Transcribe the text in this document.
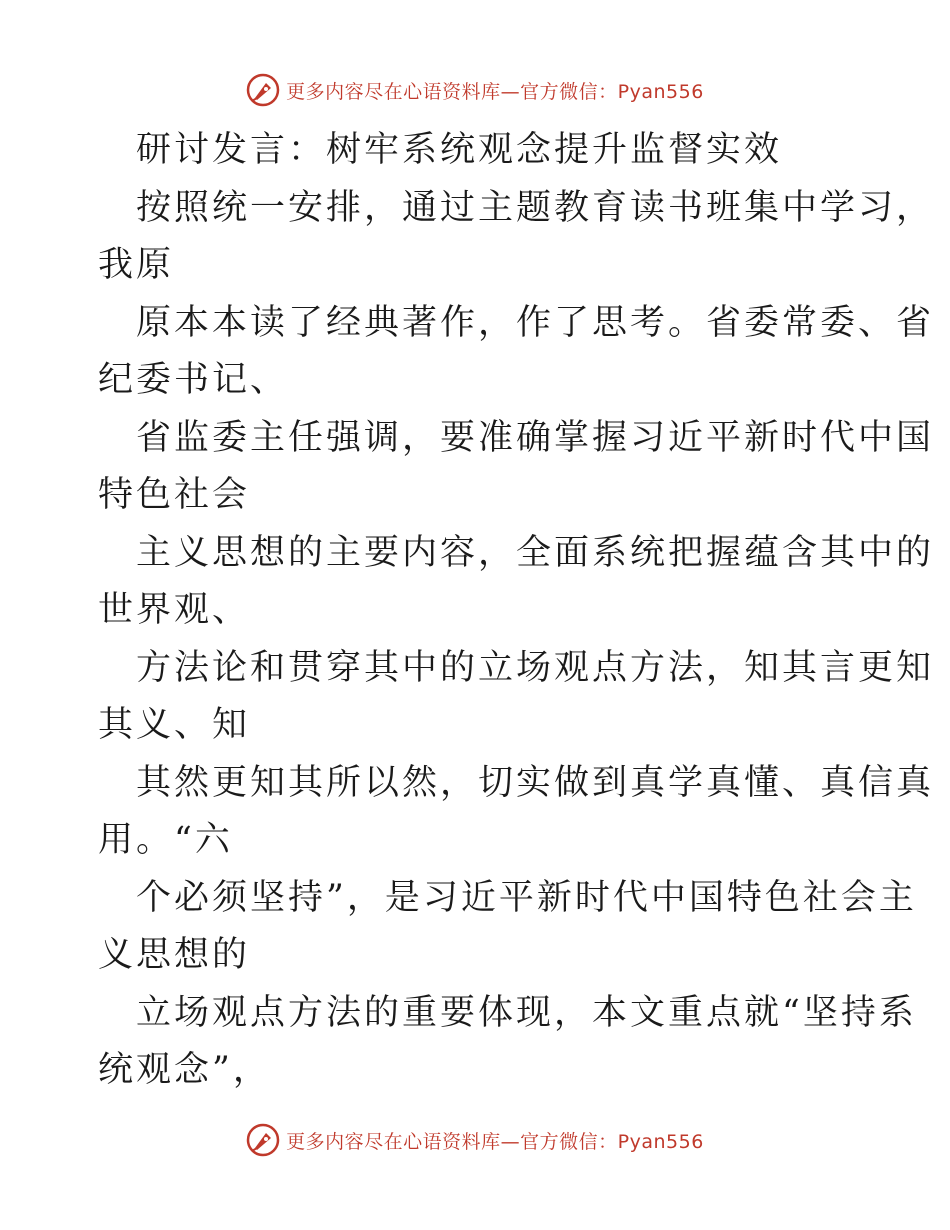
更多内容尽在心语资料库—官方微信：Pyan556
研讨发言：树牢系统观念提升监督实效
按照统一安排，通过主题教育读书班集中学习，
我原
原本本读了经典著作，作了思考。省委常委、省
纪委书记、
省监委主任强调，要准确掌握习近平新时代中国
特色社会
主义思想的主要内容，全面系统把握蕴含其中的
世界观、
方法论和贯穿其中的立场观点方法，知其言更知
其义、知
其然更知其所以然，切实做到真学真懂、真信真
用。“六
个必须坚持”，是习近平新时代中国特色社会主
义思想的
立场观点方法的重要体现，本文重点就“坚持系
统观念”，
更多内容尽在心语资料库—官方微信：Pyan556
